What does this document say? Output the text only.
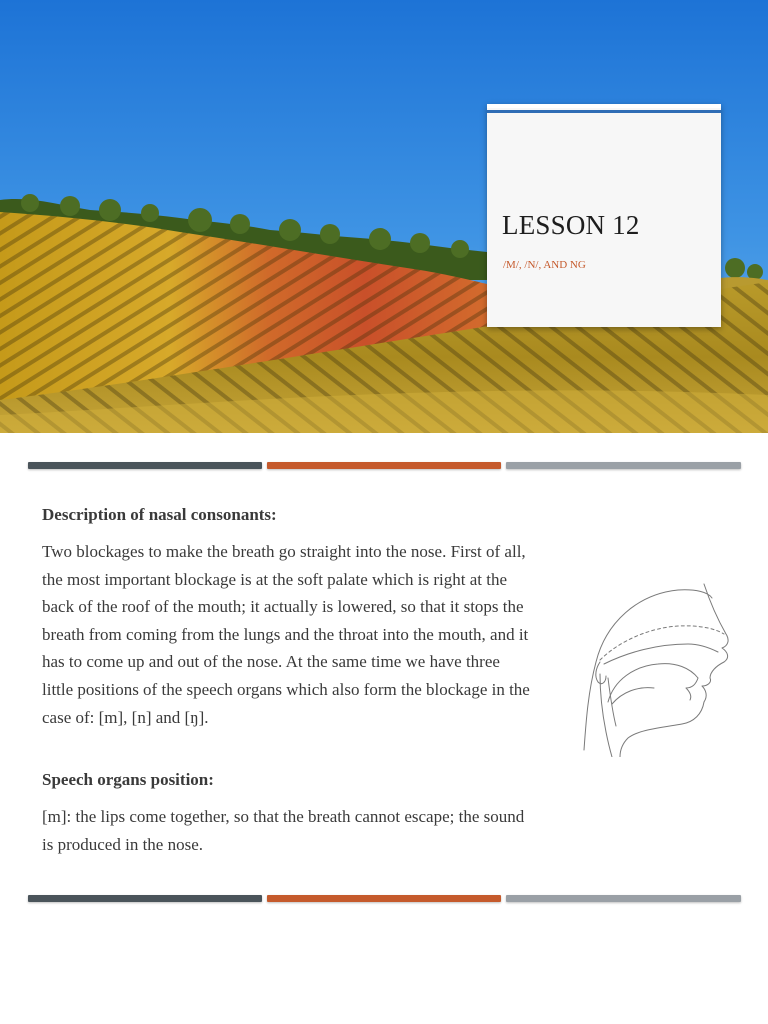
LESSON 12
/M/, /N/, AND NG

Description of nasal consonants:

Two blockages to make the breath go straight into the nose. First of all, the most important blockage is at the soft palate which is right at the back of the roof of the mouth; it actually is lowered, so that it stops the breath from coming from the lungs and the throat into the mouth, and it has to come up and out of the nose. At the same time we have three little positions of the speech organs which also form the blockage in the case of: [m], [n] and [ŋ].

Speech organs position:

[m]: the lips come together, so that the breath cannot escape; the sound is produced in the nose.
